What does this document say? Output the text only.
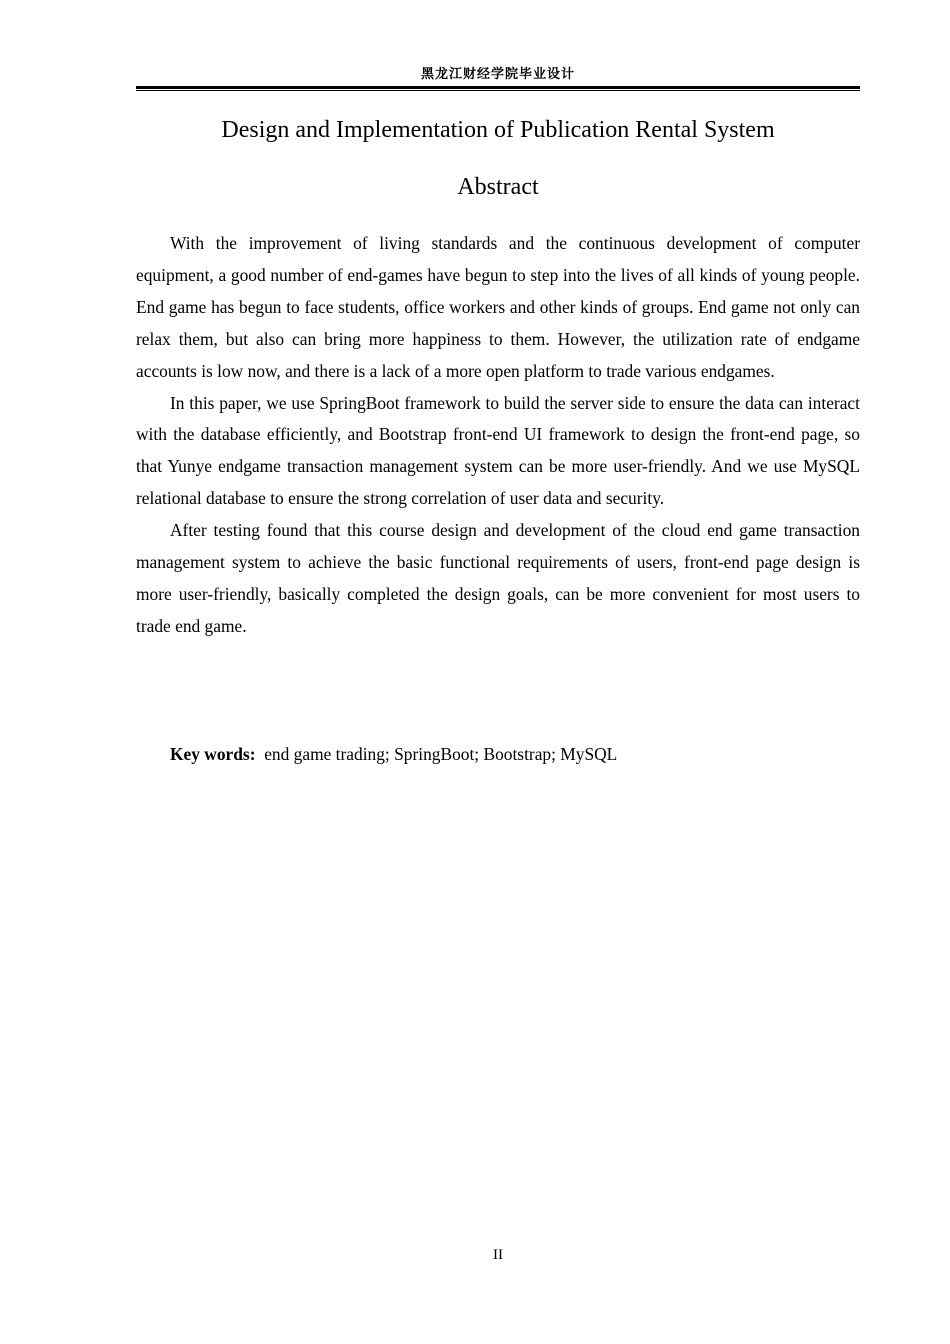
黑龙江财经学院毕业设计
Design and Implementation of Publication Rental System
Abstract

With the improvement of living standards and the continuous development of computer equipment, a good number of end-games have begun to step into the lives of all kinds of young people. End game has begun to face students, office workers and other kinds of groups. End game not only can relax them, but also can bring more happiness to them. However, the utilization rate of endgame accounts is low now, and there is a lack of a more open platform to trade various endgames.

In this paper, we use SpringBoot framework to build the server side to ensure the data can interact with the database efficiently, and Bootstrap front-end UI framework to design the front-end page, so that Yunye endgame transaction management system can be more user-friendly. And we use MySQL relational database to ensure the strong correlation of user data and security.

After testing found that this course design and development of the cloud end game transaction management system to achieve the basic functional requirements of users, front-end page design is more user-friendly, basically completed the design goals, can be more convenient for most users to trade end game.

Key words: end game trading; SpringBoot; Bootstrap; MySQL
II
